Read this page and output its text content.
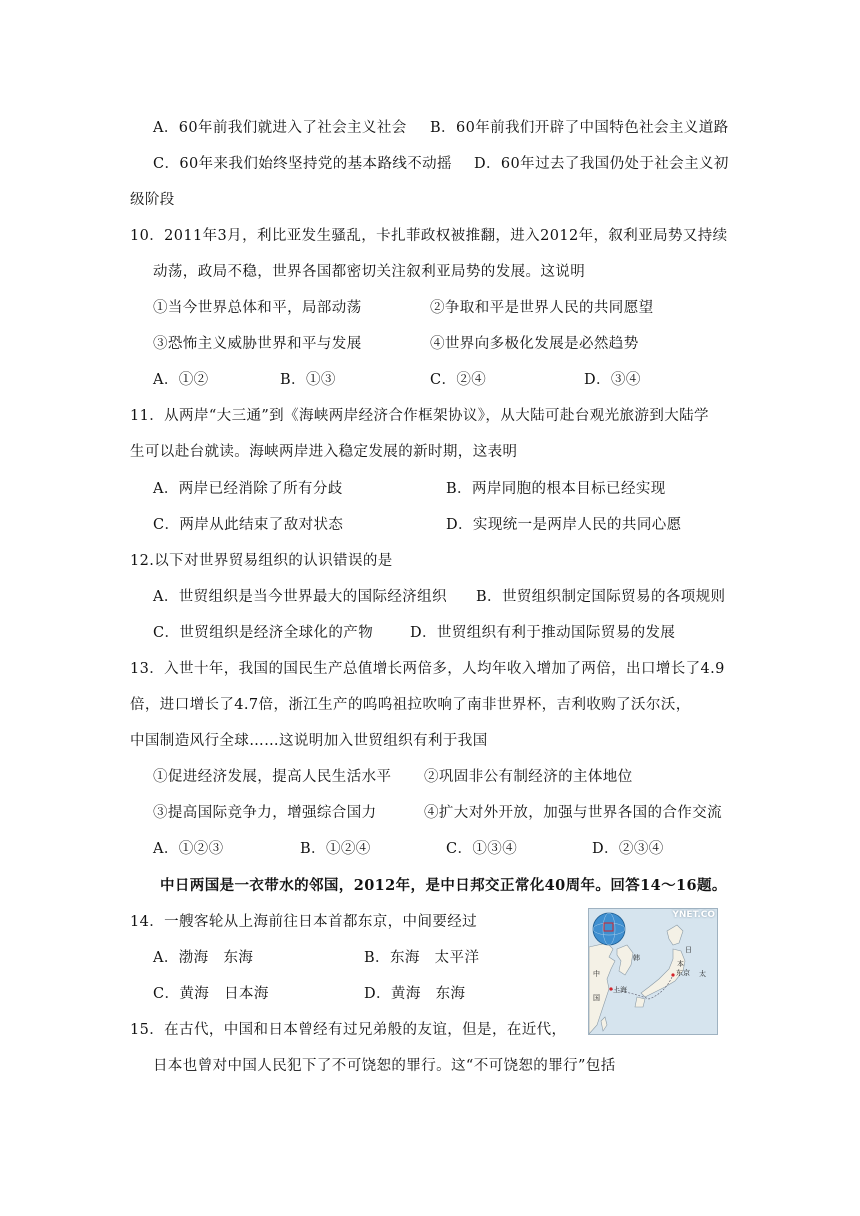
A．60年前我们就进入了社会主义社会 B．60年前我们开辟了中国特色社会主义道路
C．60年来我们始终坚持党的基本路线不动摇 D．60年过去了我国仍处于社会主义初
级阶段
10．2011年3月，利比亚发生骚乱，卡扎菲政权被推翻，进入2012年，叙利亚局势又持续
动荡，政局不稳，世界各国都密切关注叙利亚局势的发展。这说明
①当今世界总体和平，局部动荡	②争取和平是世界人民的共同愿望
③恐怖主义威胁世界和平与发展	④世界向多极化发展是必然趋势
A．①②	B．①③	C．②④	D．③④
11．从两岸“大三通”到《海峡两岸经济合作框架协议》，从大陆可赴台观光旅游到大陆学
生可以赴台就读。海峡两岸进入稳定发展的新时期，这表明
A．两岸已经消除了所有分歧	B．两岸同胞的根本目标已经实现
C．两岸从此结束了敌对状态	D．实现统一是两岸人民的共同心愿
12.以下对世界贸易组织的认识错误的是
A．世贸组织是当今世界最大的国际经济组织 B．世贸组织制定国际贸易的各项规则
C．世贸组织是经济全球化的产物	D．世贸组织有利于推动国际贸易的发展
13．入世十年，我国的国民生产总值增长两倍多，人均年收入增加了两倍，出口增长了4.9
倍，进口增长了4.7倍，浙江生产的呜呜祖拉吹响了南非世界杯，吉利收购了沃尔沃，
中国制造风行全球……这说明加入世贸组织有利于我国
①促进经济发展，提高人民生活水平 ②巩固非公有制经济的主体地位
③提高国际竞争力，增强综合国力	④扩大对外开放，加强与世界各国的合作交流
A．①②③	B．①②④	C．①③④	D．②③④
中日两国是一衣带水的邻国，2012年，是中日邦交正常化40周年。回答14～16题。
14．一艘客轮从上海前往日本首都东京，中间要经过
A．渤海　东海	B．东海　太平洋
C．黄海　日本海	D．黄海　东海
15．在古代，中国和日本曾经有过兄弟般的友谊，但是，在近代，
日本也曾对中国人民犯下了不可饶恕的罪行。这“不可饶恕的罪行”包括
YNET.CO
中
韩
日
本
上海
东京 太
国
